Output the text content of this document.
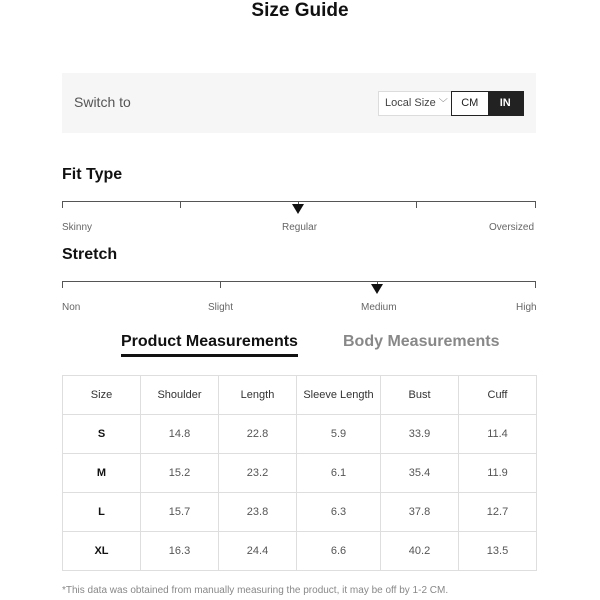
Size Guide
Switch to	Local Size ﹀	CM	IN
Fit Type
Skinny	Regular	Oversized
Stretch
Non	Slight	Medium	High
Product Measurements	Body Measurements
Size	Shoulder	Length	Sleeve Length	Bust	Cuff
S	14.8	22.8	5.9	33.9	11.4
M	15.2	23.2	6.1	35.4	11.9
L	15.7	23.8	6.3	37.8	12.7
XL	16.3	24.4	6.6	40.2	13.5
*This data was obtained from manually measuring the product, it may be off by 1-2 CM.
